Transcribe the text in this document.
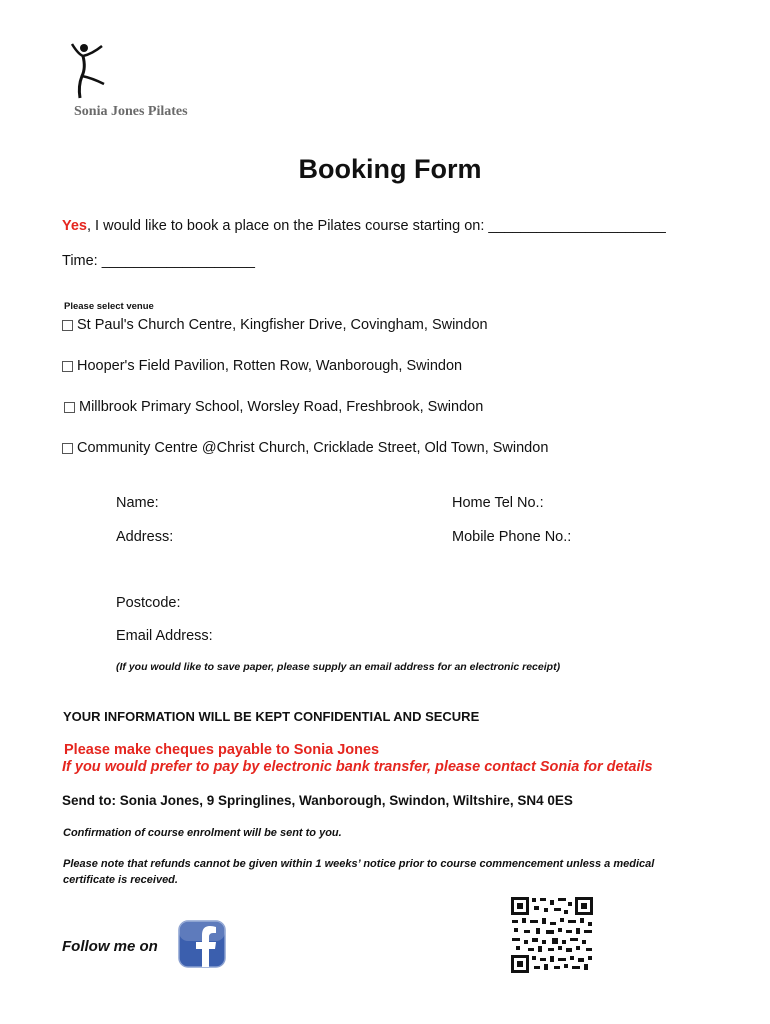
Sonia Jones Pilates
Booking Form
Yes, I would like to book a place on the Pilates course starting on: ______________________
Time: ___________________
Please select venue
St Paul's Church Centre, Kingfisher Drive, Covingham, Swindon
Hooper's Field Pavilion, Rotten Row, Wanborough, Swindon
Millbrook Primary School, Worsley Road, Freshbrook, Swindon
Community Centre @Christ Church, Cricklade Street, Old Town, Swindon
Name:	Home Tel No.:
Address:	Mobile Phone No.:
Postcode:
Email Address:
(If you would like to save paper, please supply an email address for an electronic receipt)
YOUR INFORMATION WILL BE KEPT CONFIDENTIAL AND SECURE
Please make cheques payable to Sonia Jones
If you would prefer to pay by electronic bank transfer, please contact Sonia for details
Send to: Sonia Jones, 9 Springlines, Wanborough, Swindon, Wiltshire, SN4 0ES
Confirmation of course enrolment will be sent to you.
Please note that refunds cannot be given within 1 weeks’ notice prior to course commencement unless a medical certificate is received.
Follow me on
